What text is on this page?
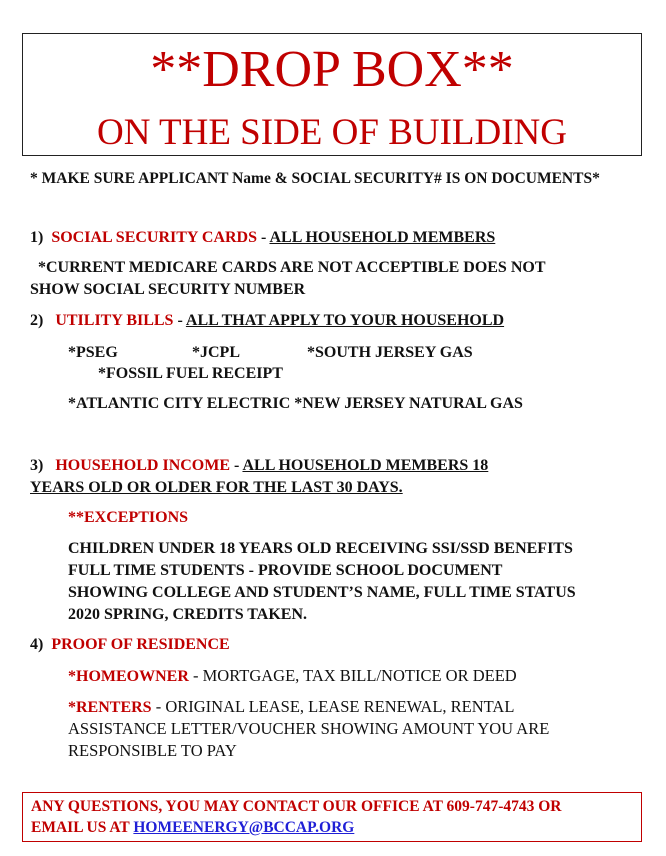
**DROP BOX**
ON THE SIDE OF BUILDING
* MAKE SURE APPLICANT Name & SOCIAL SECURITY# IS ON DOCUMENTS*
1) SOCIAL SECURITY CARDS - ALL HOUSEHOLD MEMBERS
*CURRENT MEDICARE CARDS ARE NOT ACCEPTIBLE DOES NOT
SHOW SOCIAL SECURITY NUMBER
2) UTILITY BILLS - ALL THAT APPLY TO YOUR HOUSEHOLD
*PSEG	*JCPL	*SOUTH JERSEY GAS
*FOSSIL FUEL RECEIPT
*ATLANTIC CITY ELECTRIC *NEW JERSEY NATURAL GAS
3) HOUSEHOLD INCOME - ALL HOUSEHOLD MEMBERS 18
YEARS OLD OR OLDER FOR THE LAST 30 DAYS.
**EXCEPTIONS
CHILDREN UNDER 18 YEARS OLD RECEIVING SSI/SSD BENEFITS
FULL TIME STUDENTS - PROVIDE SCHOOL DOCUMENT
SHOWING COLLEGE AND STUDENT’S NAME, FULL TIME STATUS
2020 SPRING, CREDITS TAKEN.
4) PROOF OF RESIDENCE
*HOMEOWNER - MORTGAGE, TAX BILL/NOTICE OR DEED
*RENTERS - ORIGINAL LEASE, LEASE RENEWAL, RENTAL
ASSISTANCE LETTER/VOUCHER SHOWING AMOUNT YOU ARE
RESPONSIBLE TO PAY
ANY QUESTIONS, YOU MAY CONTACT OUR OFFICE AT 609-747-4743 OR
EMAIL US AT HOMEENERGY@BCCAP.ORG
